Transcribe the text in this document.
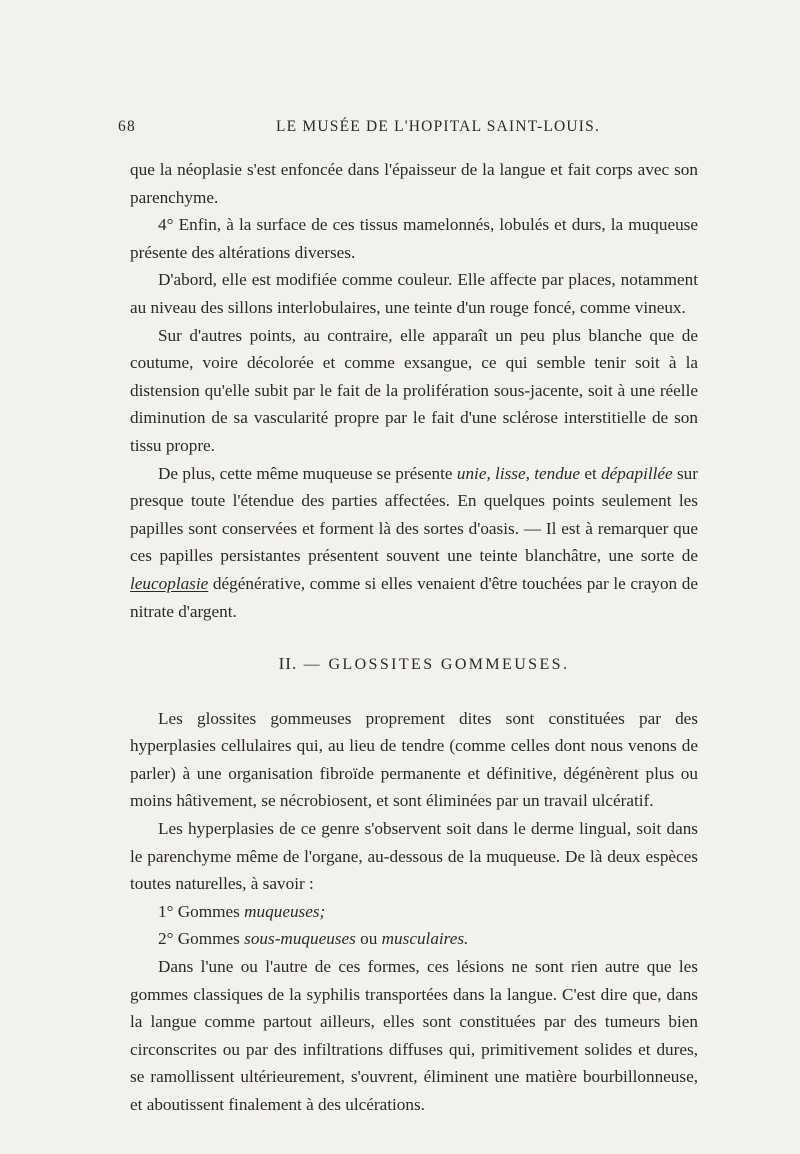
68	LE MUSÉE DE L'HOPITAL SAINT-LOUIS.

que la néoplasie s'est enfoncée dans l'épaisseur de la langue et fait corps avec son parenchyme.

4° Enfin, à la surface de ces tissus mamelonnés, lobulés et durs, la muqueuse présente des altérations diverses.

D'abord, elle est modifiée comme couleur. Elle affecte par places, notamment au niveau des sillons interlobulaires, une teinte d'un rouge foncé, comme vineux.

Sur d'autres points, au contraire, elle apparaît un peu plus blanche que de coutume, voire décolorée et comme exsangue, ce qui semble tenir soit à la distension qu'elle subit par le fait de la prolifération sous-jacente, soit à une réelle diminution de sa vascularité propre par le fait d'une sclérose interstitielle de son tissu propre.

De plus, cette même muqueuse se présente unie, lisse, tendue et dépapillée sur presque toute l'étendue des parties affectées. En quelques points seulement les papilles sont conservées et forment là des sortes d'oasis. — Il est à remarquer que ces papilles persistantes présentent souvent une teinte blanchâtre, une sorte de leucoplasie dégénérative, comme si elles venaient d'être touchées par le crayon de nitrate d'argent.

II. — GLOSSITES GOMMEUSES.

Les glossites gommeuses proprement dites sont constituées par des hyperplasies cellulaires qui, au lieu de tendre (comme celles dont nous venons de parler) à une organisation fibroïde permanente et définitive, dégénèrent plus ou moins hâtivement, se nécrobiosent, et sont éliminées par un travail ulcératif.

Les hyperplasies de ce genre s'observent soit dans le derme lingual, soit dans le parenchyme même de l'organe, au-dessous de la muqueuse. De là deux espèces toutes naturelles, à savoir :

1° Gommes muqueuses;

2° Gommes sous-muqueuses ou musculaires.

Dans l'une ou l'autre de ces formes, ces lésions ne sont rien autre que les gommes classiques de la syphilis transportées dans la langue. C'est dire que, dans la langue comme partout ailleurs, elles sont constituées par des tumeurs bien circonscrites ou par des infiltrations diffuses qui, primitivement solides et dures, se ramollissent ultérieurement, s'ouvrent, éliminent une matière bourbillonneuse, et aboutissent finalement à des ulcérations.
